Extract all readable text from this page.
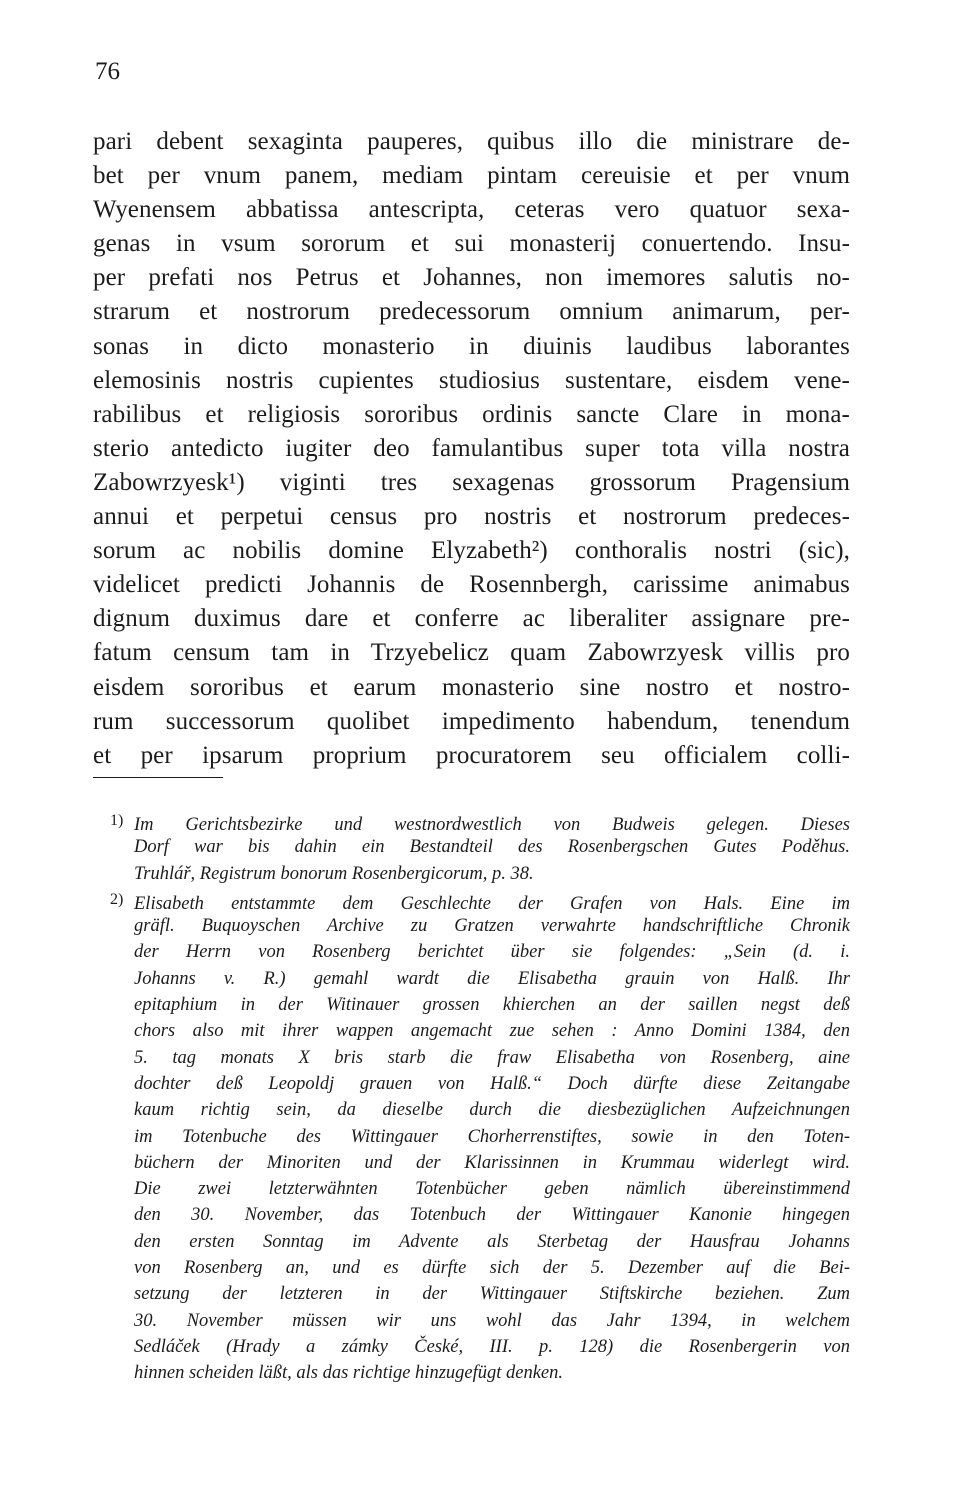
76
pari debent sexaginta pauperes, quibus illo die ministrare de-
bet per vnum panem, mediam pintam cereuisie et per vnum
Wyenensem abbatissa antescripta, ceteras vero quatuor sexa-
genas in vsum sororum et sui monasterij conuertendo. Insu-
per prefati nos Petrus et Johannes, non imemores salutis no-
strarum et nostrorum predecessorum omnium animarum, per-
sonas in dicto monasterio in diuinis laudibus laborantes
elemosinis nostris cupientes studiosius sustentare, eisdem vene-
rabilibus et religiosis sororibus ordinis sancte Clare in mona-
sterio antedicto iugiter deo famulantibus super tota villa nostra
Zabowrzyesk¹) viginti tres sexagenas grossorum Pragensium
annui et perpetui census pro nostris et nostrorum predeces-
sorum ac nobilis domine Elyzabeth²) conthoralis nostri (sic),
videlicet predicti Johannis de Rosennbergh, carissime animabus
dignum duximus dare et conferre ac liberaliter assignare pre-
fatum censum tam in Trzyebelicz quam Zabowrzyesk villis pro
eisdem sororibus et earum monasterio sine nostro et nostro-
rum successorum quolibet impedimento habendum, tenendum
et per ipsarum proprium procuratorem seu officialem colli-
1) Im Gerichtsbezirke und westnordwestlich von Budweis gelegen. Dieses
Dorf war bis dahin ein Bestandteil des Rosenbergschen Gutes Poděhus.
Truhlář, Registrum bonorum Rosenbergicorum, p. 38.
2) Elisabeth entstammte dem Geschlechte der Grafen von Hals. Eine im
gräfl. Buquoyschen Archive zu Gratzen verwahrte handschriftliche Chronik
der Herrn von Rosenberg berichtet über sie folgendes: „Sein (d. i.
Johanns v. R.) gemahl wardt die Elisabetha grauin von Halß. Ihr
epitaphium in der Witinauer grossen khierchen an der saillen negst deß
chors also mit ihrer wappen angemacht zue sehen : Anno Domini 1384, den
5. tag monats X bris starb die fraw Elisabetha von Rosenberg, aine
dochter deß Leopoldj grauen von Halß.“ Doch dürfte diese Zeitangabe
kaum richtig sein, da dieselbe durch die diesbezüglichen Aufzeichnungen
im Totenbuche des Wittingauer Chorherrenstiftes, sowie in den Toten-
büchern der Minoriten und der Klarissinnen in Krummau widerlegt wird.
Die zwei letzterwähnten Totenbücher geben nämlich übereinstimmend
den 30. November, das Totenbuch der Wittingauer Kanonie hingegen
den ersten Sonntag im Advente als Sterbetag der Hausfrau Johanns
von Rosenberg an, und es dürfte sich der 5. Dezember auf die Bei-
setzung der letzteren in der Wittingauer Stiftskirche beziehen. Zum
30. November müssen wir uns wohl das Jahr 1394, in welchem
Sedláček (Hrady a zámky České, III. p. 128) die Rosenbergerin von
hinnen scheiden läßt, als das richtige hinzugefügt denken.
